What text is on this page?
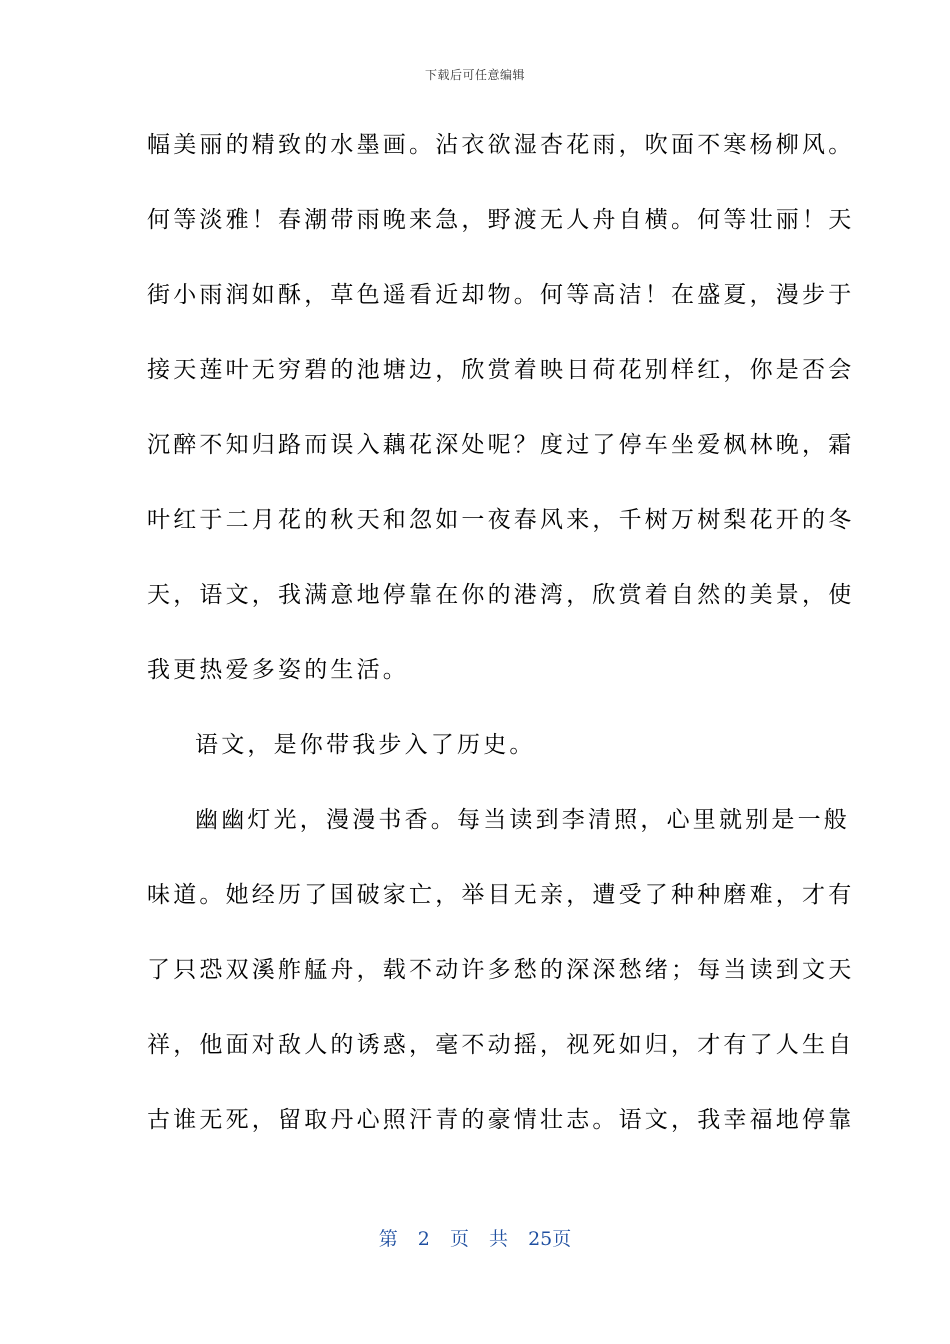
下载后可任意编辑
幅美丽的精致的水墨画。沾衣欲湿杏花雨，吹面不寒杨柳风。
何等淡雅！春潮带雨晚来急，野渡无人舟自横。何等壮丽！天
街小雨润如酥，草色遥看近却物。何等高洁！在盛夏，漫步于
接天莲叶无穷碧的池塘边，欣赏着映日荷花别样红，你是否会
沉醉不知归路而误入藕花深处呢？度过了停车坐爱枫林晚，霜
叶红于二月花的秋天和忽如一夜春风来，千树万树梨花开的冬
天，语文，我满意地停靠在你的港湾，欣赏着自然的美景，使
我更热爱多姿的生活。
语文，是你带我步入了历史。
幽幽灯光，漫漫书香。每当读到李清照，心里就别是一般
味道。她经历了国破家亡，举目无亲，遭受了种种磨难，才有
了只恐双溪舴艋舟，载不动许多愁的深深愁绪；每当读到文天
祥，他面对敌人的诱惑，毫不动摇，视死如归，才有了人生自
古谁无死，留取丹心照汗青的豪情壮志。语文，我幸福地停靠
第 2 页 共 25页
